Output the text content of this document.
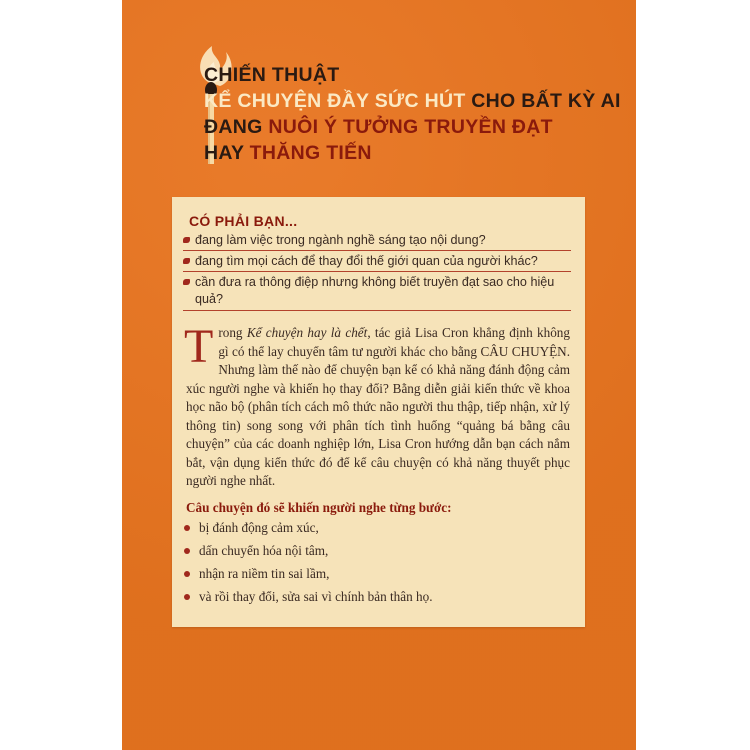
CHIẾN THUẬT
KỂ CHUYỆN ĐẦY SỨC HÚT CHO BẤT KỲ AI
ĐANG NUÔI Ý TƯỞNG TRUYỀN ĐẠT
HAY THĂNG TIẾN
CÓ PHẢI BẠN...
đang làm việc trong ngành nghề sáng tạo nội dung?
đang tìm mọi cách để thay đổi thế giới quan của người khác?
cần đưa ra thông điệp nhưng không biết truyền đạt sao cho hiệu quả?
Trong Kể chuyện hay là chết, tác giả Lisa Cron khẳng định không gì có thể lay chuyển tâm tư người khác cho bằng CÂU CHUYỆN. Nhưng làm thế nào để chuyện bạn kể có khả năng đánh động cảm xúc người nghe và khiến họ thay đổi? Bằng diễn giải kiến thức về khoa học não bộ (phân tích cách mô thức não người thu thập, tiếp nhận, xử lý thông tin) song song với phân tích tình huống “quảng bá bằng câu chuyện” của các doanh nghiệp lớn, Lisa Cron hướng dẫn bạn cách nắm bắt, vận dụng kiến thức đó để kể câu chuyện có khả năng thuyết phục người nghe nhất.
Câu chuyện đó sẽ khiến người nghe từng bước:
bị đánh động cảm xúc,
dấn chuyển hóa nội tâm,
nhận ra niềm tin sai lầm,
và rồi thay đổi, sửa sai vì chính bản thân họ.
